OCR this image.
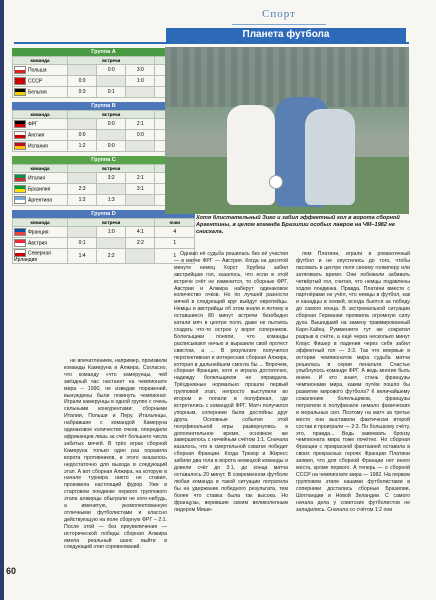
Спорт
Планета футбола
Группа А
команда	встречи	
Польша		0:0	3:0	
СССР	0:0		1:0	
Бельгия	0:3	0:1		
Группа В
команда	встречи	
ФРГ		0:0	2:1	
Англия	0:0		0:0	
Испания	1:2	0:0		
Группа С
команда	встречи	
Италия		3:2	2:1	
Бразилия	2:3		3:1	
Аргентина	1:2	1:3		
Группа D
команда	встречи			очки
Франция		1:0	4:1	4
Австрия	0:1		2:2	1
Северная Ирландия	1:4	2:2		1
Хотя блистательный Зико и забил эффектный гол в ворота сборной Аргентины, в целом команда Бразилии особых лавров на ЧМ–1982 не снискала.

не впечатлением, например, произвели команды Камеруна и Алжира. Согласно, что команду «что камерунцы, чей звёздный час настанет на чемпионате мира – 1990, не изведав поражений, вынуждены были покинуть чемпионат. Играли камерунцы в одной группе с очень сильными конкурентами: сборными Италии, Польши и Перу. Итальянцы, набравшие с командой Камеруна одинаковое количество очков, опередили африканцев лишь за счёт большего числа забитых мячей. В трёх играх сборной Камеруна только один раз поразила ворота противников, и этого оказалось недостаточно для выхода в следующий этап. А вот сборная Алжира, на которую в начале турнира никто не ставил, произвела настоящий фурор. Уже в стартовом поединке первого группового этапа алжирцы обыграли не кого-нибудь, а именитую, укомплектованную отличными футболистами и классно действующую на поле сборную ФРГ – 2:1. После этой — без преувеличения — исторической победы сборная Алжира имела реальный шанс выйти в следующий этап соревнований.

Однако её судьба решилась без её участия — в матче ФРГ — Австрия. Когда на десятой минуте немец Хорст Хрубеш забил австрийцам гол, казалось, что если в этой встрече счёт не изменится, то сборные ФРГ, Австрии и Алжира наберут одинаковое количество очков. Но по лучшей разности мячей в следующий круг выйдут европейцы. Немцы и австрийцы об этом знали и потому в оставшиеся 80 минут встречи безобидно катали мяч в центре поля, даже не пытаясь создать что-то острое у ворот соперников. Болельщики поняли, что команды расписывают ничью и выразили свой протест свистом, а ... В результате получился перспективная и интересная сборная Алжира, которая в дальнейшем смогла бы ... Впрочем, сборная Франции, хотя и играла достаточно, надежду болельщиков не оправдала. Трёхдневные нормально прошли первый групповой этап, непросто выступили во втором и попали в полуфинал, где встретились с командой ФРГ. Матч получился упорным, соперники были достойны друг друга. Основные события этой полуфинальной игры развернулись в дополнительное время, основное же завершилось с ничейным счётом 1:1. Сначала казалось, что в смертельной схватке победит сборная Франции. Когда Трезор и Жиресс забили два гола в ворота немецкой команды и довели счёт до 3:1, до конца матча оставалось 20 минут. В современном футболе любая команда в такой ситуации потратила бы на удержание победного результата, тем более что ставка была так высока. Но французы, верившие своим великолепным лидером Мише-

лем Платини, играли в романтичный футбол и не опустились до того, чтобы пасовать в центре поля своему голкиперу или затягивать время. Они побежали забивать четвёртый гол, считая, что немцы подавлены ходом поединка. Правда, Платини вместе с партнёрами не учёл, что немцы в футбол, как и канадцы в хоккей, всегда бьются за победу до самого конца. В экстремальной ситуации сборная Германии проявила огромную силу духа. Вышедший на замену травмированный Карл-Хайнц Румменигге тут же сократил разрыв в счёте, а ещё через несколько минут Клаус Фишер в падении через себя забил эффектный гол — 3:3. Так что впервые в истории чемпионатов мира судьба матча решилась в серии пенальти. Счастье улыбнулось команде ФРГ. А ведь многие быть иначе. И кто знает, стань французы чемпионами мира, каким путём пошло бы развитие мирового футбола? К величайшему сожалению болельщиков, французы потратили в полуфинале немало физических и моральных сил. Поэтому на матч за третье место они выставили фактически второй состав и проиграли — 2:3. По большому счёту, это, правда... Ведь завоевать бронзу чемпионата мира тоже почётно. Но сборная Франции с прекрасной фантазией оставила в своих прекрасных героях Франции Платини заявил, что для сборной Франции нет иного места, кроме первого. А теперь — о сборной СССР на чемпионате мира — 1982. На первом групповом этапе нашими футболистами в соперники достались сборные Бразилии, Шотландии и Новой Зеландии. С самого начала дела у советских футболистов не заладились. Сначала со счётом 1:2 они

60
